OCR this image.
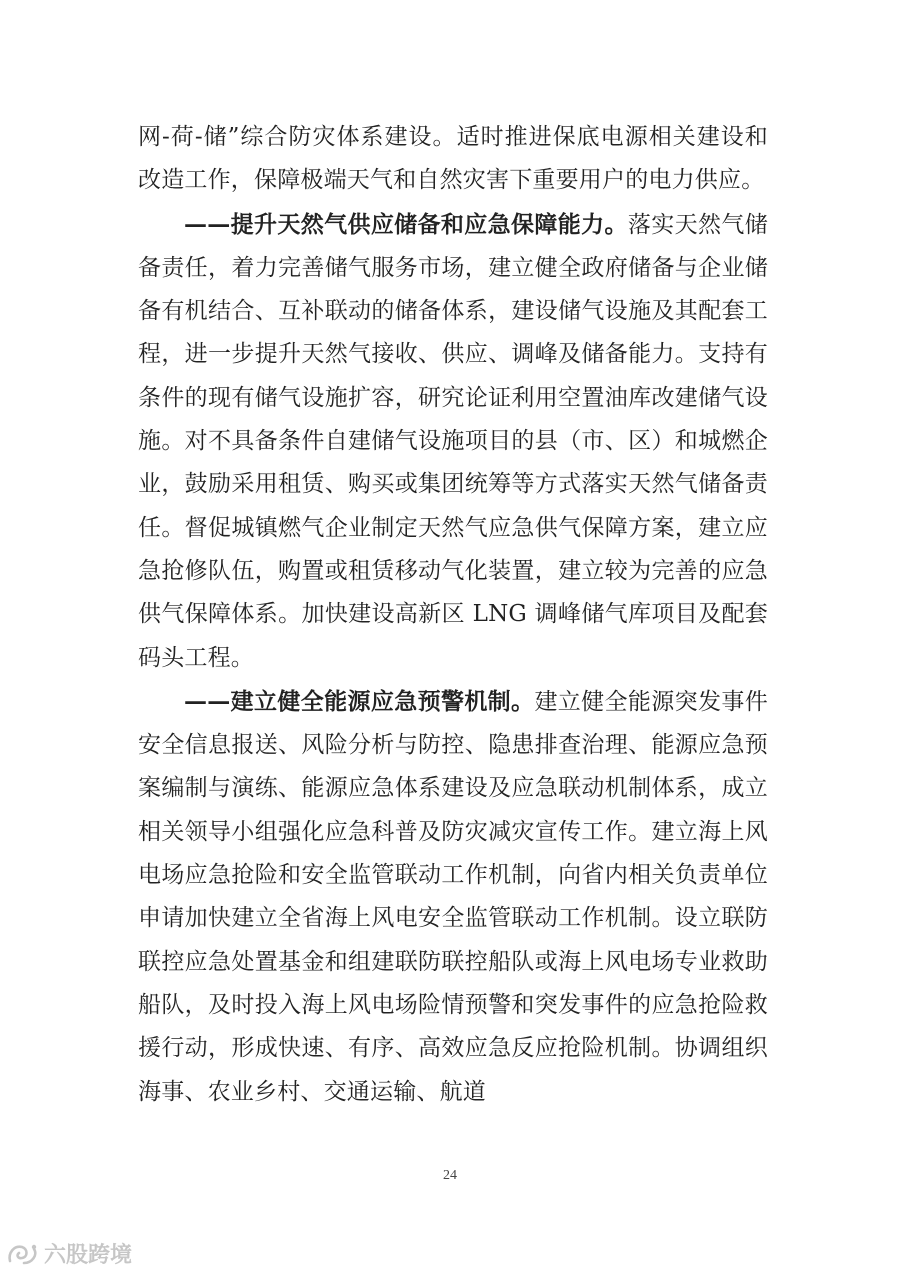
网-荷-储”综合防灾体系建设。适时推进保底电源相关建设和改造工作，保障极端天气和自然灾害下重要用户的电力供应。

——提升天然气供应储备和应急保障能力。落实天然气储备责任，着力完善储气服务市场，建立健全政府储备与企业储备有机结合、互补联动的储备体系，建设储气设施及其配套工程，进一步提升天然气接收、供应、调峰及储备能力。支持有条件的现有储气设施扩容，研究论证利用空置油库改建储气设施。对不具备条件自建储气设施项目的县（市、区）和城燃企业，鼓励采用租赁、购买或集团统筹等方式落实天然气储备责任。督促城镇燃气企业制定天然气应急供气保障方案，建立应急抢修队伍，购置或租赁移动气化装置，建立较为完善的应急供气保障体系。加快建设高新区 LNG 调峰储气库项目及配套码头工程。

——建立健全能源应急预警机制。建立健全能源突发事件安全信息报送、风险分析与防控、隐患排查治理、能源应急预案编制与演练、能源应急体系建设及应急联动机制体系，成立相关领导小组强化应急科普及防灾减灾宣传工作。建立海上风电场应急抢险和安全监管联动工作机制，向省内相关负责单位申请加快建立全省海上风电安全监管联动工作机制。设立联防联控应急处置基金和组建联防联控船队或海上风电场专业救助船队，及时投入海上风电场险情预警和突发事件的应急抢险救援行动，形成快速、有序、高效应急反应抢险机制。协调组织海事、农业乡村、交通运输、航道

24
六股跨境
